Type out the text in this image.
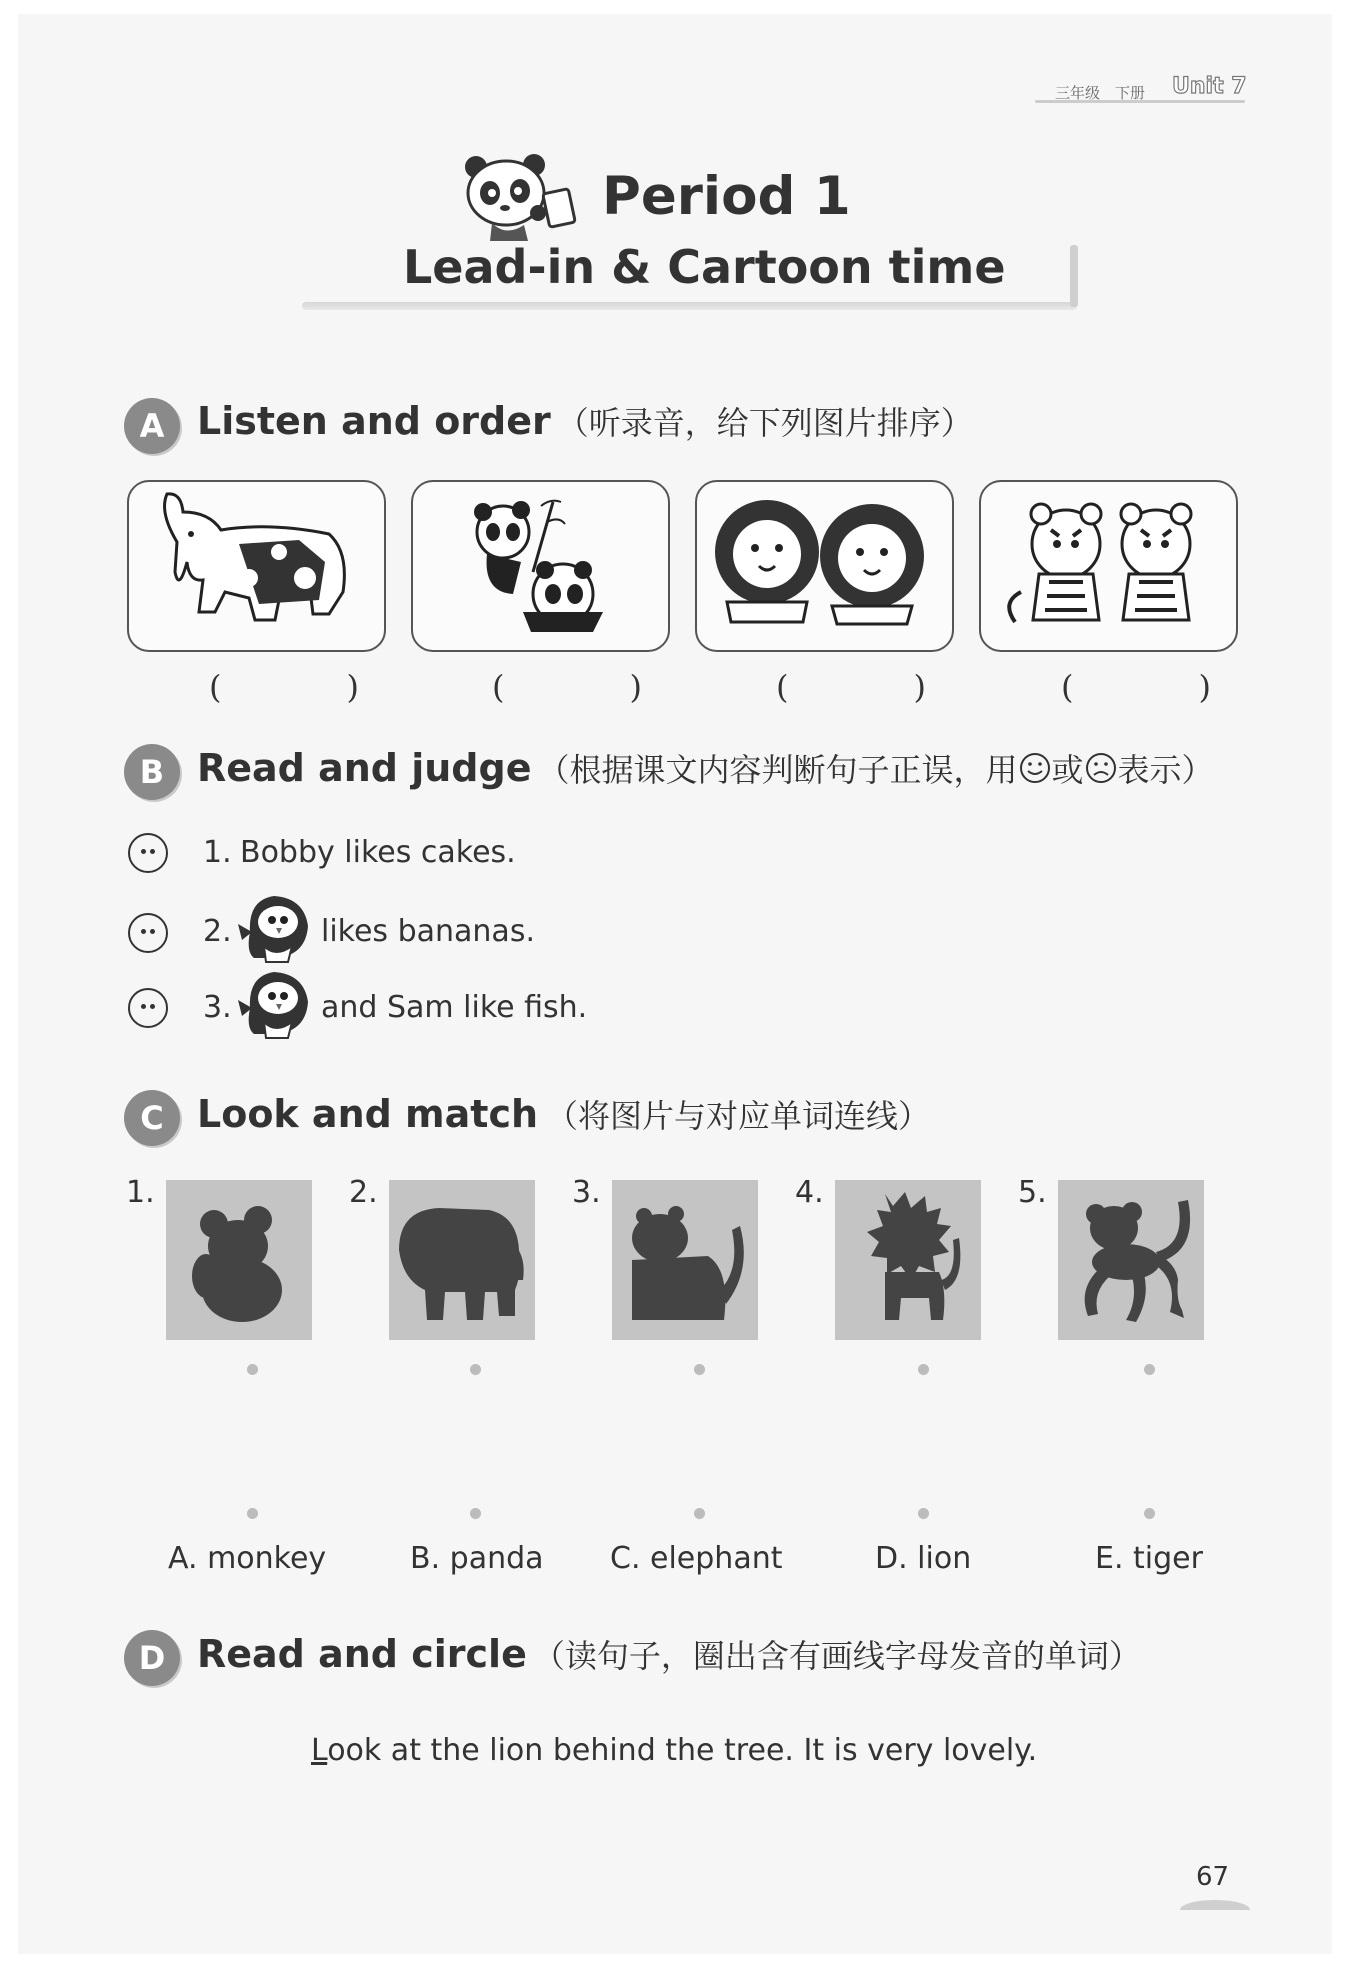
三年级 下册 Unit 7
Period 1
Lead-in & Cartoon time
A Listen and order （听录音，给下列图片排序）
(	)	(	)	(	)	(	)
B Read and judge （根据课文内容判断句子正误，用 或 表示）
1. Bobby likes cakes.
2.	likes bananas.
3.	and Sam like fish.
C Look and match （将图片与对应单词连线）
1.	2.	3.	4.	5.
A. monkey	B. panda C. elephant	D. lion	E. tiger
D Read and circle （读句子，圈出含有画线字母发音的单词）
Look at the lion behind the tree. It is very lovely.
67
